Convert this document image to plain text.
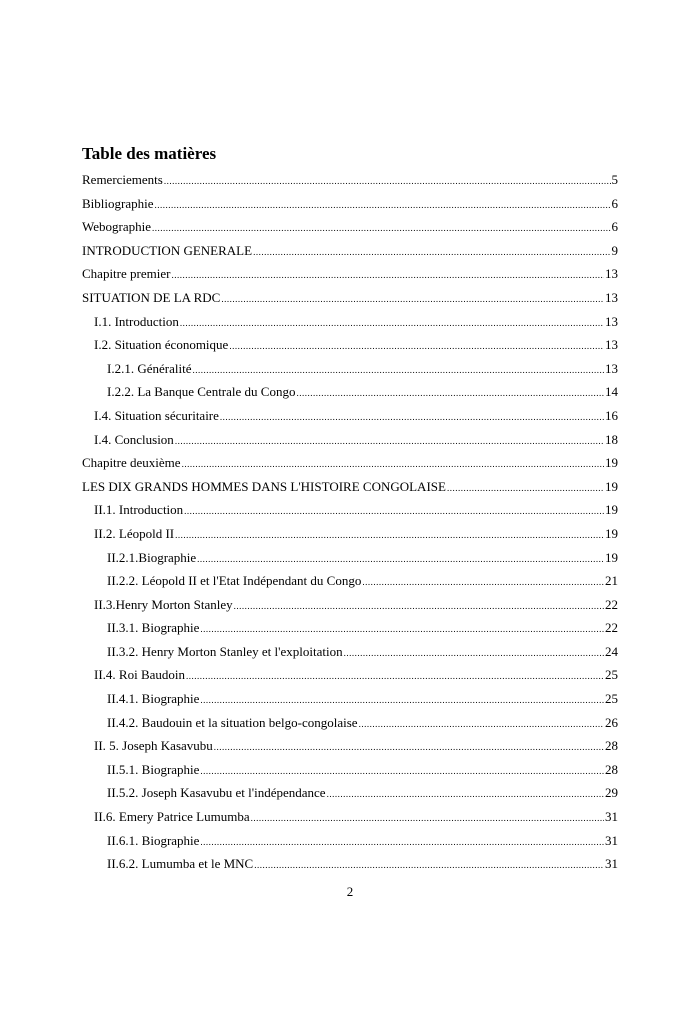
Table des matières
Remerciements .....	5
Bibliographie .....	6
Webographie .....	6
INTRODUCTION GENERALE .....	9
Chapitre premier .....	13
SITUATION DE LA RDC .....	13
I.1. Introduction .....	13
I.2. Situation économique .....	13
I.2.1. Généralité .....	13
I.2.2. La Banque Centrale du Congo .....	14
I.4. Situation sécuritaire .....	16
I.4. Conclusion .....	18
Chapitre deuxième .....	19
LES DIX GRANDS HOMMES DANS L'HISTOIRE CONGOLAISE .....	19
II.1. Introduction .....	19
II.2. Léopold II .....	19
II.2.1.Biographie .....	19
II.2.2. Léopold II et l'Etat Indépendant du Congo .....	21
II.3.Henry Morton Stanley .....	22
II.3.1. Biographie .....	22
II.3.2. Henry Morton Stanley et l'exploitation .....	24
II.4. Roi Baudoin .....	25
II.4.1. Biographie .....	25
II.4.2. Baudouin et la situation belgo-congolaise .....	26
II. 5. Joseph Kasavubu .....	28
II.5.1. Biographie .....	28
II.5.2. Joseph Kasavubu et l'indépendance .....	29
II.6. Emery Patrice Lumumba .....	31
II.6.1. Biographie .....	31
II.6.2. Lumumba et le MNC .....	31
2
